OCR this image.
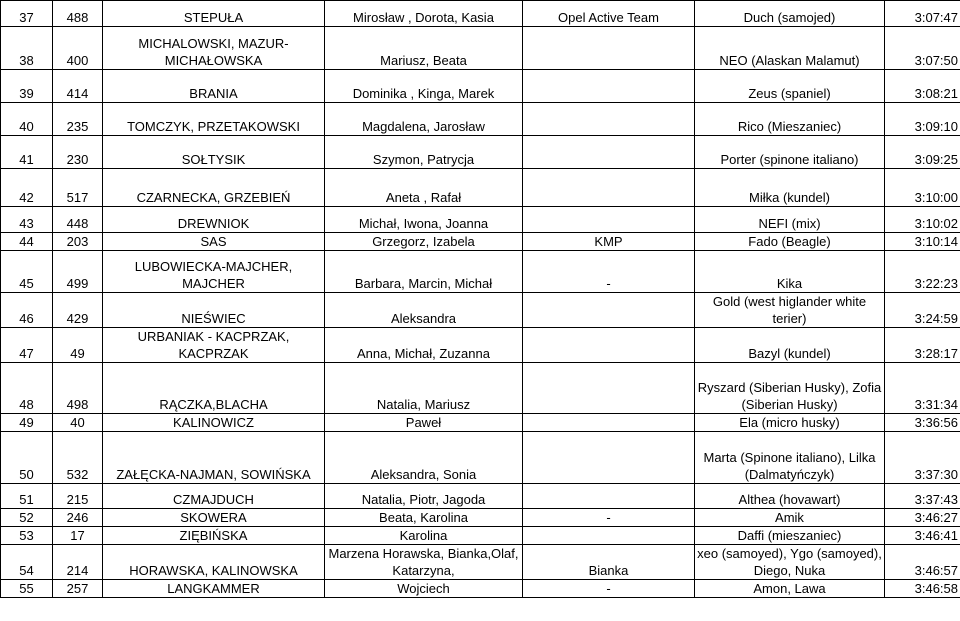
37	488	STEPUŁA	Mirosław , Dorota, Kasia	Opel Active Team	Duch (samojed)	3:07:47

38	400	MICHALOWSKI, MAZUR-MICHAŁOWSKA	Mariusz, Beata		NEO (Alaskan Malamut)	3:07:50

39	414	BRANIA	Dominika , Kinga, Marek		Zeus (spaniel)	3:08:21

40	235	TOMCZYK, PRZETAKOWSKI	Magdalena, Jarosław		Rico (Mieszaniec)	3:09:10

41	230	SOŁTYSIK	Szymon, Patrycja		Porter (spinone italiano)	3:09:25

42	517	CZARNECKA, GRZEBIEŃ	Aneta , Rafał		Miłka (kundel)	3:10:00

43	448	DREWNIOK	Michał, Iwona, Joanna		NEFI (mix)	3:10:02

44	203	SAS	Grzegorz, Izabela	KMP	Fado (Beagle)	3:10:14

45	499	LUBOWIECKA-MAJCHER, MAJCHER	Barbara, Marcin, Michał	-	Kika	3:22:23

46	429	NIEŚWIEC	Aleksandra		Gold (west higlander white terier)	3:24:59

47	49	URBANIAK - KACPRZAK, KACPRZAK	Anna, Michał, Zuzanna		Bazyl (kundel)	3:28:17

48	498	RĄCZKA,BLACHA	Natalia, Mariusz		Ryszard (Siberian Husky), Zofia (Siberian Husky)	3:31:34

49	40	KALINOWICZ	Paweł		Ela (micro husky)	3:36:56

50	532	ZAŁĘCKA-NAJMAN, SOWIŃSKA	Aleksandra, Sonia		Marta (Spinone italiano), Lilka (Dalmatyńczyk)	3:37:30

51	215	CZMAJDUCH	Natalia, Piotr, Jagoda		Althea (hovawart)	3:37:43

52	246	SKOWERA	Beata, Karolina	-	Amik	3:46:27

53	17	ZIĘBIŃSKA	Karolina		Daffi (mieszaniec)	3:46:41

54	214	HORAWSKA, KALINOWSKA	Marzena Horawska, Bianka,Olaf, Katarzyna,	Bianka	xeo (samoyed), Ygo (samoyed), Diego, Nuka	3:46:57

55	257	LANGKAMMER	Wojciech	-	Amon, Lawa	3:46:58
